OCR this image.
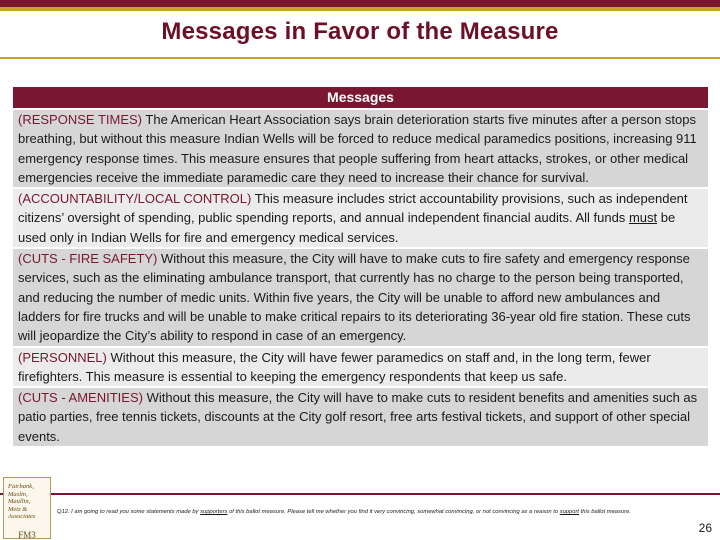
Messages in Favor of the Measure
Messages
(RESPONSE TIMES) The American Heart Association says brain deterioration starts five minutes after a person stops breathing, but without this measure Indian Wells will be forced to reduce medical paramedics positions, increasing 911 emergency response times. This measure ensures that people suffering from heart attacks, strokes, or other medical emergencies receive the immediate paramedic care they need to increase their chance for survival.
(ACCOUNTABILITY/LOCAL CONTROL) This measure includes strict accountability provisions, such as independent citizens’ oversight of spending, public spending reports, and annual independent financial audits. All funds must be used only in Indian Wells for fire and emergency medical services.
(CUTS - FIRE SAFETY) Without this measure, the City will have to make cuts to fire safety and emergency response services, such as the eliminating ambulance transport, that currently has no charge to the person being transported, and reducing the number of medic units. Within five years, the City will be unable to afford new ambulances and ladders for fire trucks and will be unable to make critical repairs to its deteriorating 36-year old fire station. These cuts will jeopardize the City’s ability to respond in case of an emergency.
(PERSONNEL) Without this measure, the City will have fewer paramedics on staff and, in the long term, fewer firefighters. This measure is essential to keeping the emergency respondents that keep us safe.
(CUTS - AMENITIES) Without this measure, the City will have to make cuts to resident benefits and amenities such as patio parties, free tennis tickets, discounts at the City golf resort, free arts festival tickets, and support of other special events.
Fairbank,
Maslin,
Maullin,
Metz &
Associates
FM3
Q12. I am going to read you some statements made by supporters of this ballot measure. Please tell me whether you find it very convincing, somewhat convincing, or not convincing as a reason to support this ballot measure.
26
